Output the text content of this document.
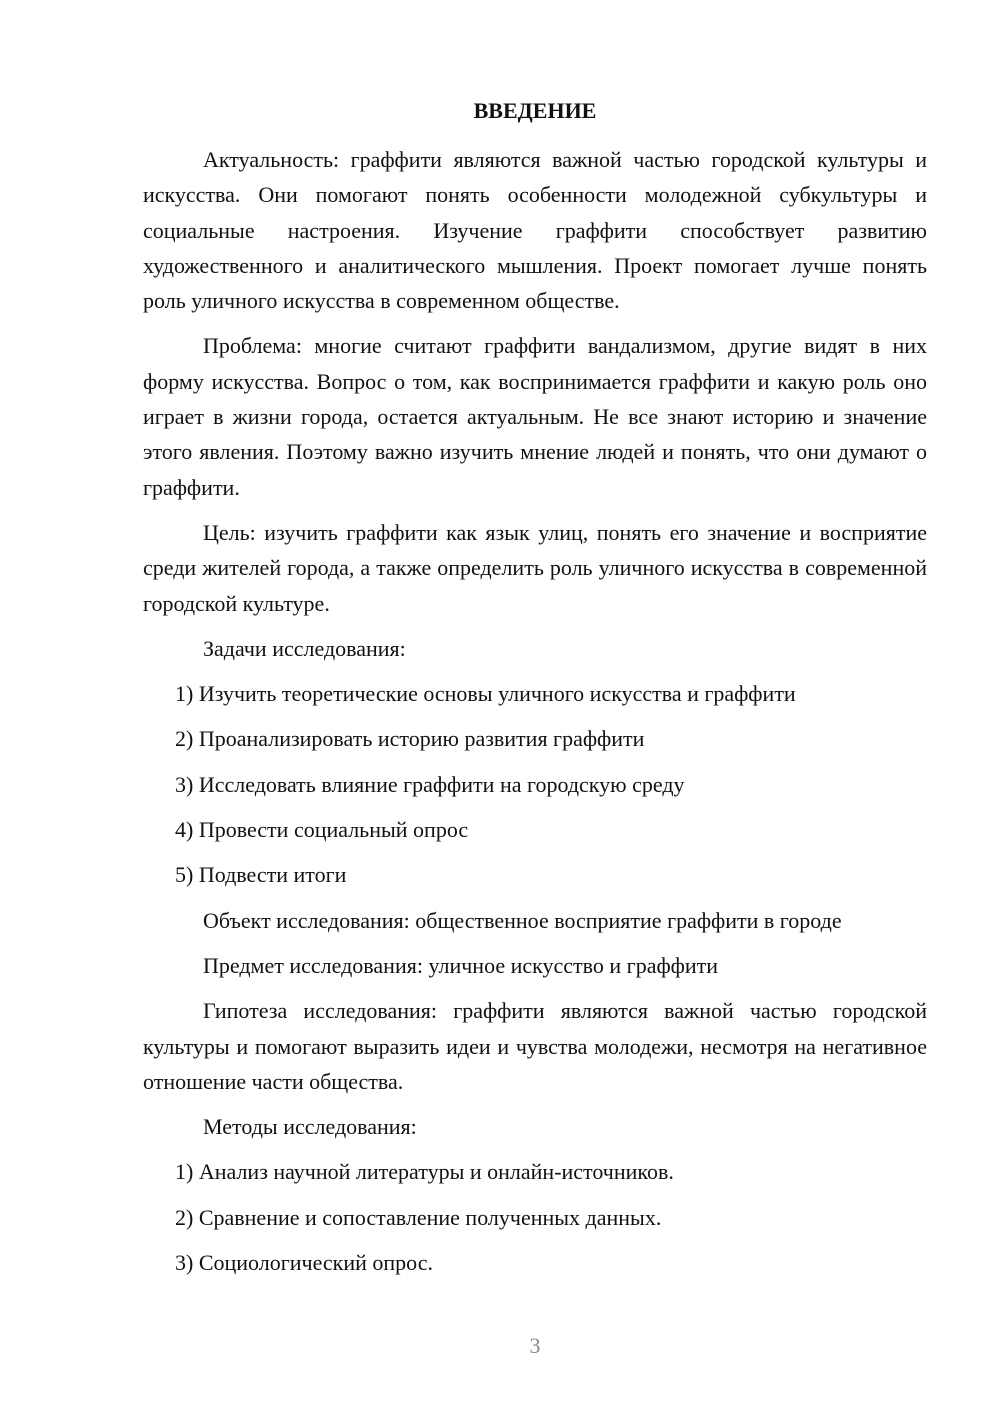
ВВЕДЕНИЕ

Актуальность: граффити являются важной частью городской культуры и искусства. Они помогают понять особенности молодежной субкультуры и социальные настроения. Изучение граффити способствует развитию художественного и аналитического мышления. Проект помогает лучше понять роль уличного искусства в современном обществе.

Проблема: многие считают граффити вандализмом, другие видят в них форму искусства. Вопрос о том, как воспринимается граффити и какую роль оно играет в жизни города, остается актуальным. Не все знают историю и значение этого явления. Поэтому важно изучить мнение людей и понять, что они думают о граффити.

Цель: изучить граффити как язык улиц, понять его значение и восприятие среди жителей города, а также определить роль уличного искусства в современной городской культуре.

Задачи исследования:

1) Изучить теоретические основы уличного искусства и граффити

2) Проанализировать историю развития граффити

3) Исследовать влияние граффити на городскую среду

4) Провести социальный опрос

5) Подвести итоги

Объект исследования: общественное восприятие граффити в городе

Предмет исследования: уличное искусство и граффити

Гипотеза исследования: граффити являются важной частью городской культуры и помогают выразить идеи и чувства молодежи, несмотря на негативное отношение части общества.

Методы исследования:

1) Анализ научной литературы и онлайн-источников.

2) Сравнение и сопоставление полученных данных.

3) Социологический опрос.

3
